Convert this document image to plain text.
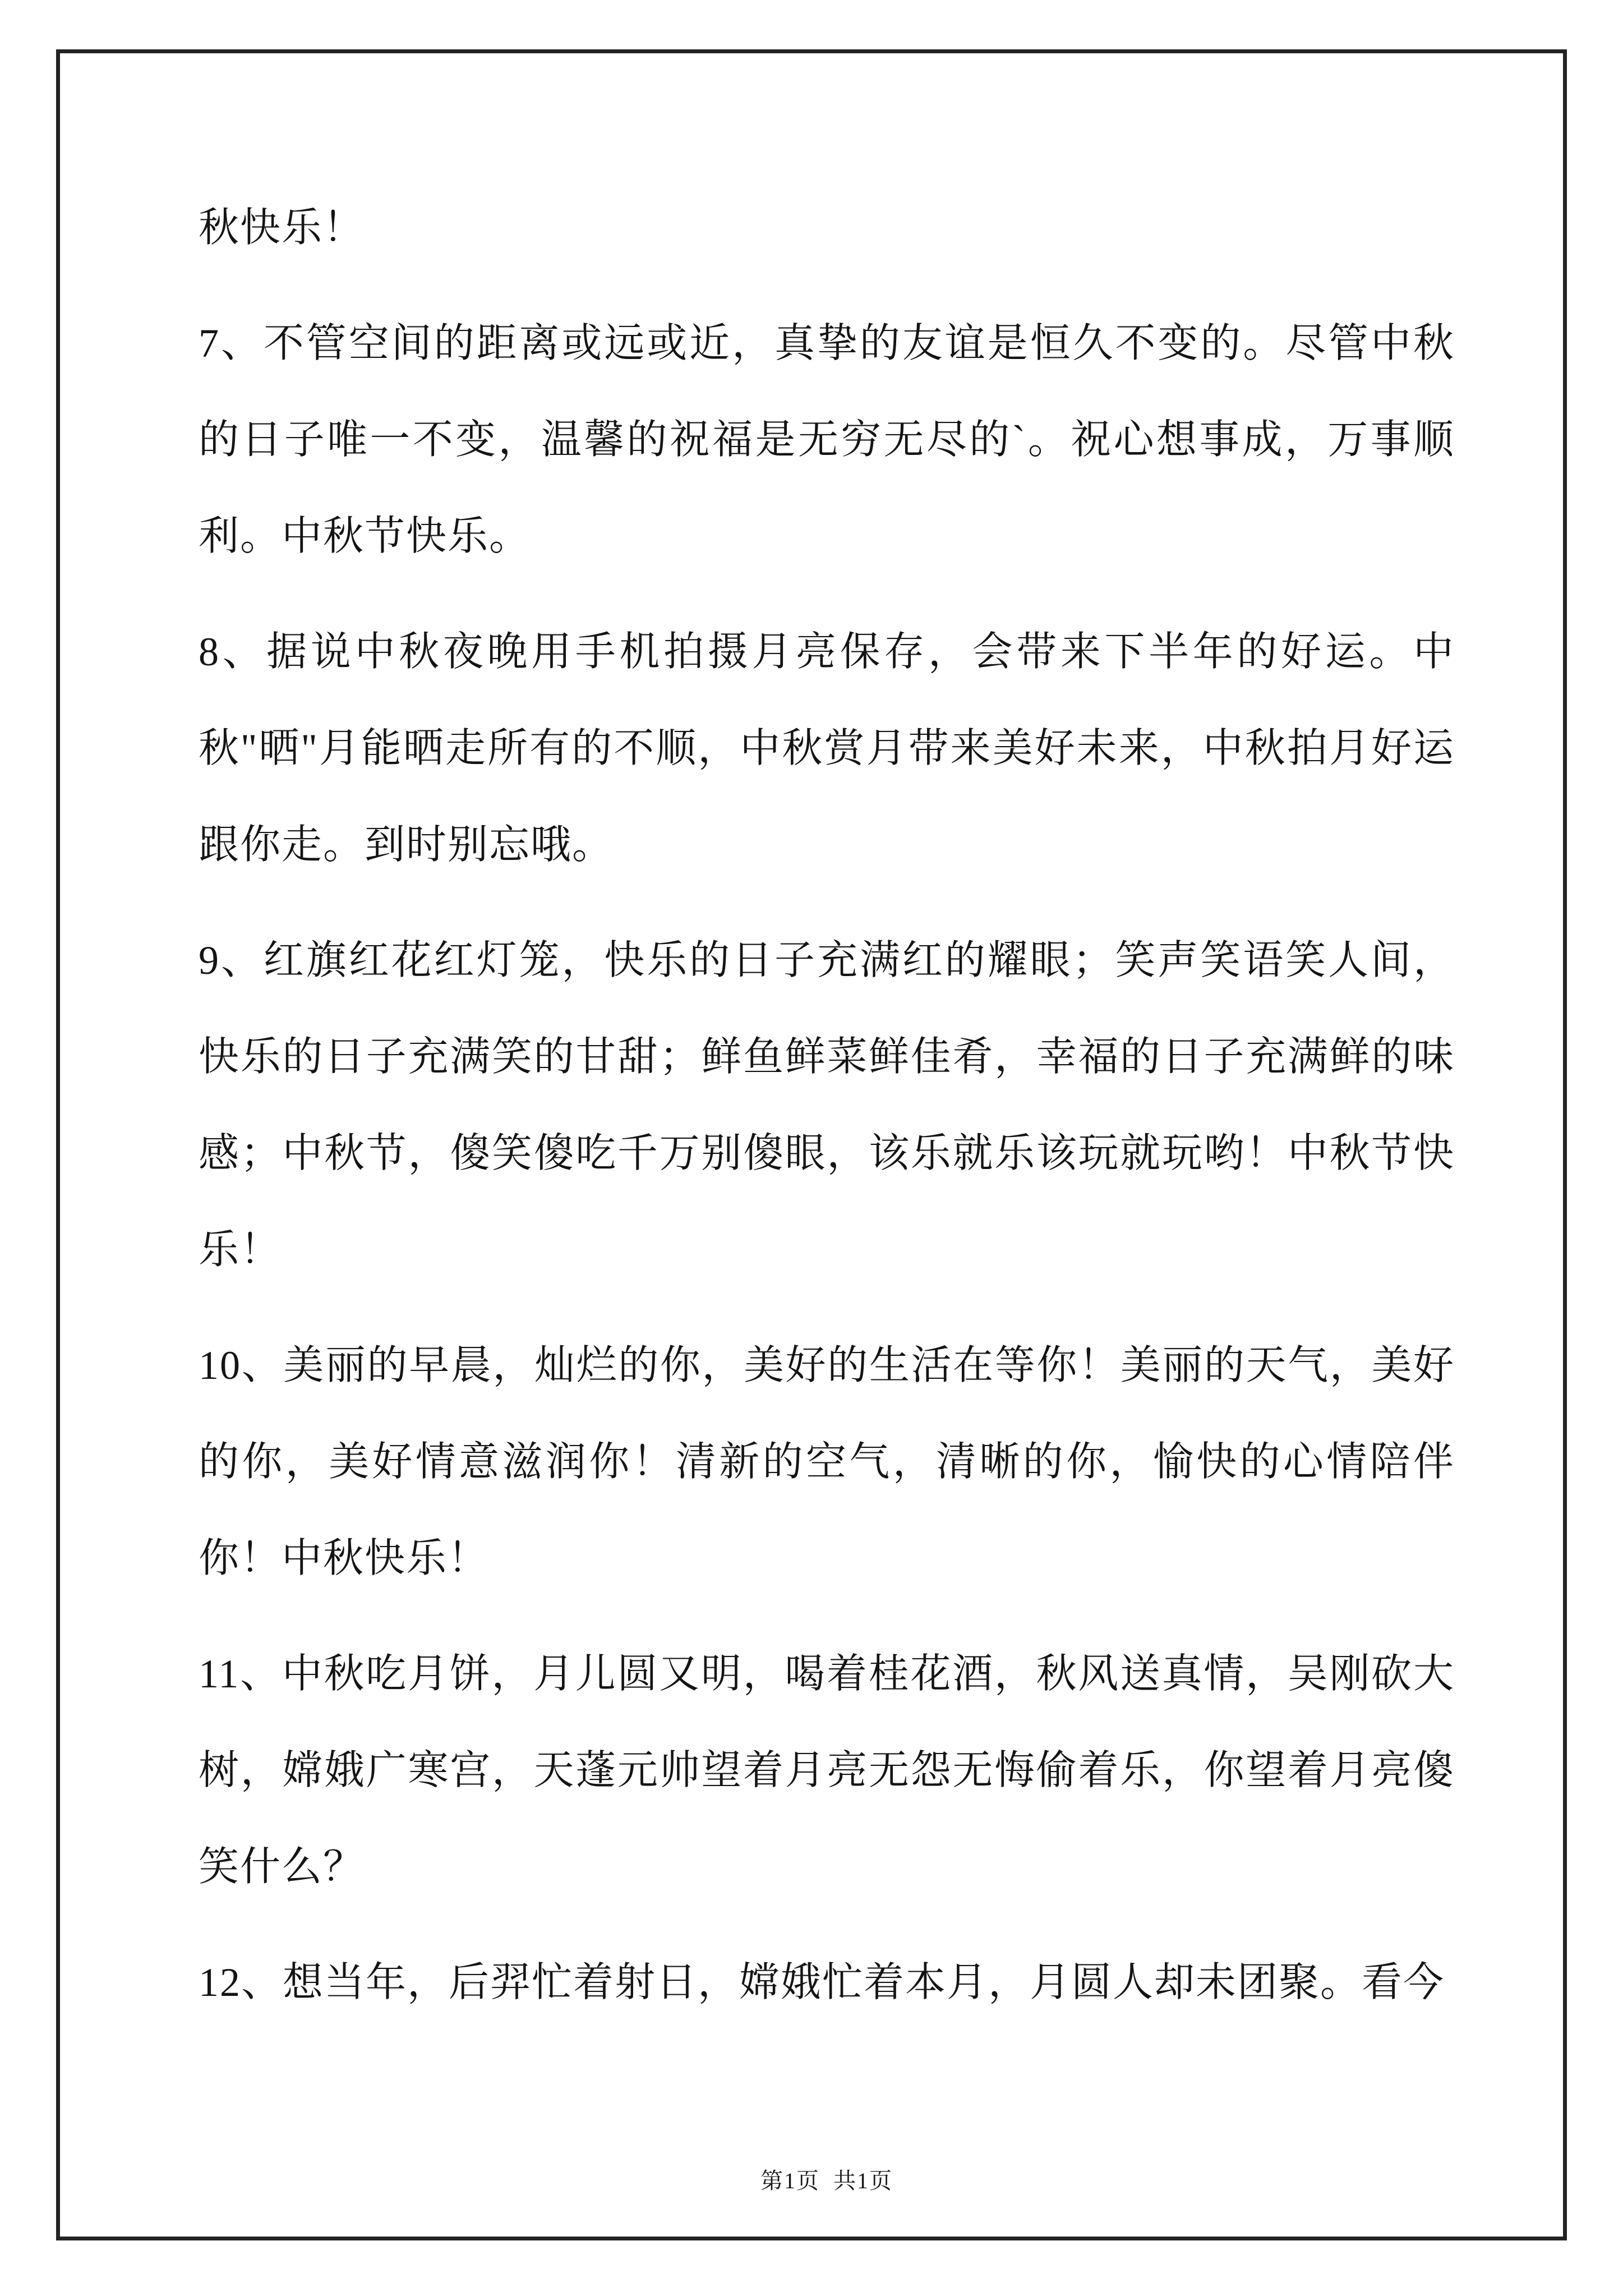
秋快乐！

7、不管空间的距离或远或近，真挚的友谊是恒久不变的。尽管中秋的日子唯一不变，温馨的祝福是无穷无尽的`。祝心想事成，万事顺利。中秋节快乐。

8、据说中秋夜晚用手机拍摄月亮保存，会带来下半年的好运。中秋"晒"月能晒走所有的不顺，中秋赏月带来美好未来，中秋拍月好运跟你走。到时别忘哦。

9、红旗红花红灯笼，快乐的日子充满红的耀眼；笑声笑语笑人间，快乐的日子充满笑的甘甜；鲜鱼鲜菜鲜佳肴，幸福的日子充满鲜的味感；中秋节，傻笑傻吃千万别傻眼，该乐就乐该玩就玩哟！中秋节快乐！

10、美丽的早晨，灿烂的你，美好的生活在等你！美丽的天气，美好的你，美好情意滋润你！清新的空气，清晰的你，愉快的心情陪伴你！中秋快乐！

11、中秋吃月饼，月儿圆又明，喝着桂花酒，秋风送真情，吴刚砍大树，嫦娥广寒宫，天蓬元帅望着月亮无怨无悔偷着乐，你望着月亮傻笑什么？

12、想当年，后羿忙着射日，嫦娥忙着本月，月圆人却未团聚。看今

第1页  共1页
